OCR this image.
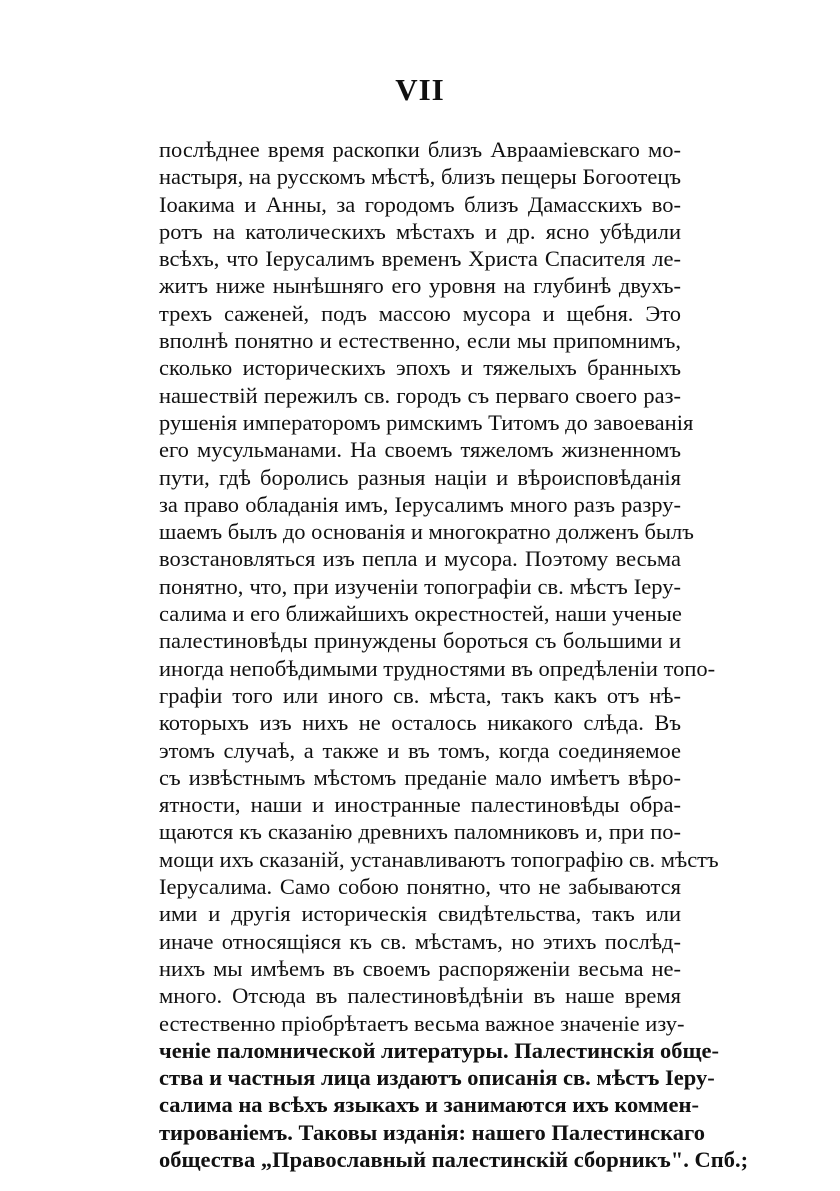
VII
послѣднее время раскопки близъ Авраамiевскаго мо-
настыря, на русскомъ мѣстѣ, близъ пещеры Богоотецъ
Iоакима и Анны, за городомъ близъ Дамасскихъ во-
ротъ на католическихъ мѣстахъ и др. ясно убѣдили
всѣхъ, что Iерусалимъ временъ Христа Спасителя ле-
житъ ниже нынѣшняго его уровня на глубинѣ двухъ-
трехъ саженей, подъ массою мусора и щебня. Это
вполнѣ понятно и естественно, если мы припомнимъ,
сколько историческихъ эпохъ и тяжелыхъ бранныхъ
нашествiй пережилъ св. городъ съ перваго своего раз-
рушенiя императоромъ римскимъ Титомъ до завоеванiя
его мусульманами. На своемъ тяжеломъ жизненномъ
пути, гдѣ боролись разныя нацiи и вѣроисповѣданiя
за право обладанiя имъ, Iерусалимъ много разъ разру-
шаемъ былъ до основанiя и многократно долженъ былъ
возстановляться изъ пепла и мусора. Поэтому весьма
понятно, что, при изученiи топографiи св. мѣстъ Iеру-
салима и его ближайшихъ окрестностей, наши ученые
палестиновѣды принуждены бороться съ большими и
иногда непобѣдимыми трудностями въ опредѣленiи топо-
графiи того или иного св. мѣста, такъ какъ отъ нѣ-
которыхъ изъ нихъ не осталось никакого слѣда. Въ
этомъ случаѣ, а также и въ томъ, когда соединяемое
съ извѣстнымъ мѣстомъ преданiе мало имѣетъ вѣро-
ятности, наши и иностранные палестиновѣды обра-
щаются къ сказанiю древнихъ паломниковъ и, при по-
мощи ихъ сказанiй, устанавливаютъ топографiю св. мѣстъ
Iерусалима. Само собою понятно, что не забываются
ими и другiя историческiя свидѣтельства, такъ или
иначе относящiяся къ св. мѣстамъ, но этихъ послѣд-
нихъ мы имѣемъ въ своемъ распоряженiи весьма не-
много. Отсюда въ палестиновѣдѣнiи въ наше время
естественно прiобрѣтаетъ весьма важное значенiе изу-
ченiе паломнической литературы. Палестинскiя обще-
ства и частныя лица издаютъ описанiя св. мѣстъ Iеру-
салима на всѣхъ языкахъ и занимаются ихъ коммен-
тированiемъ. Таковы изданiя: нашего Палестинскаго
общества „Православный палестинскiй сборникъ". Спб.;
